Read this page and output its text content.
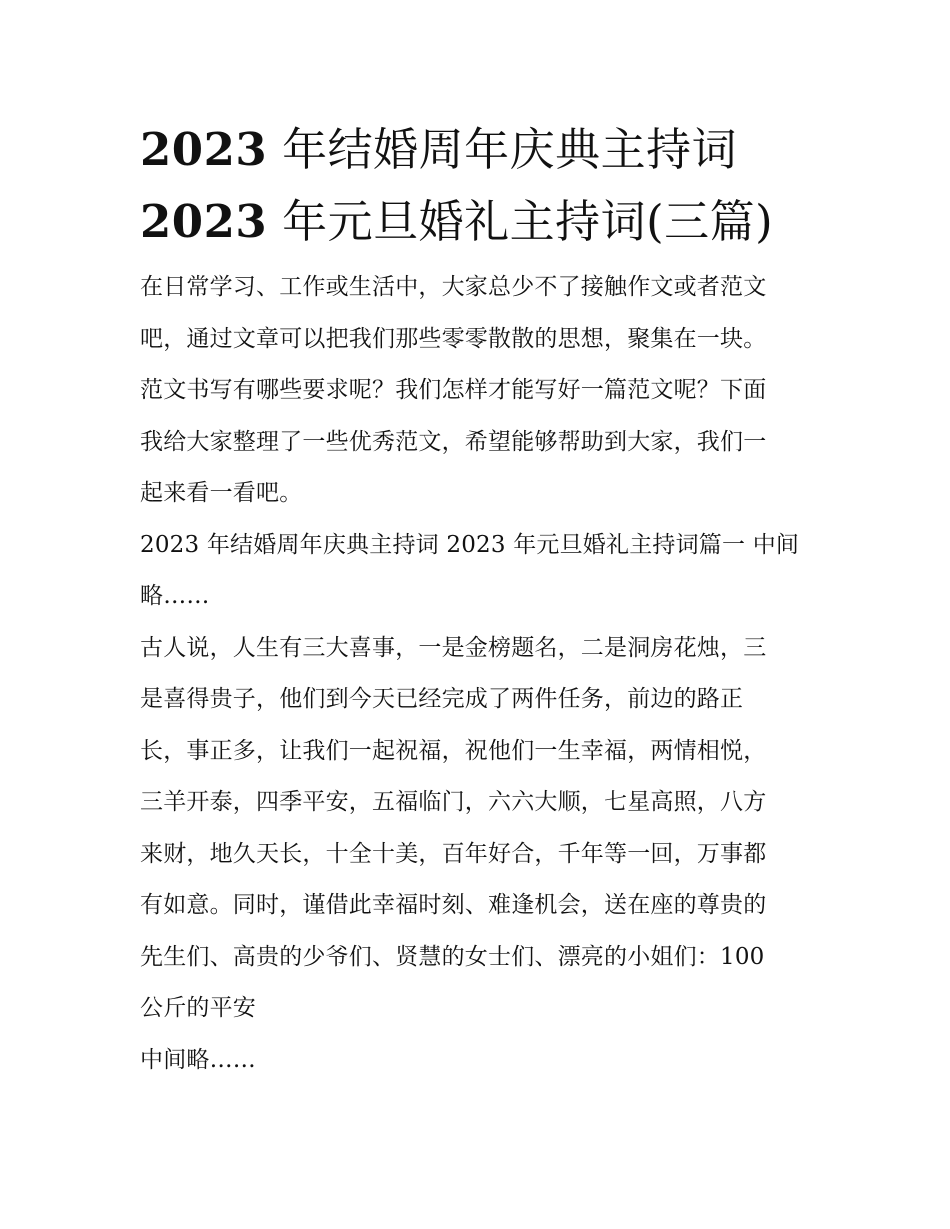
2023 年结婚周年庆典主持词
2023 年元旦婚礼主持词(三篇)

在日常学习、工作或生活中，大家总少不了接触作文或者范文
吧，通过文章可以把我们那些零零散散的思想，聚集在一块。
范文书写有哪些要求呢？我们怎样才能写好一篇范文呢？下面
我给大家整理了一些优秀范文，希望能够帮助到大家，我们一
起来看一看吧。

2023 年结婚周年庆典主持词 2023 年元旦婚礼主持词篇一 中间
略……

古人说，人生有三大喜事，一是金榜题名，二是洞房花烛，三
是喜得贵子，他们到今天已经完成了两件任务，前边的路正
长，事正多，让我们一起祝福，祝他们一生幸福，两情相悦，
三羊开泰，四季平安，五福临门，六六大顺，七星高照，八方
来财，地久天长，十全十美，百年好合，千年等一回，万事都
有如意。同时，谨借此幸福时刻、难逢机会，送在座的尊贵的
先生们、高贵的少爷们、贤慧的女士们、漂亮的小姐们：100
公斤的平安

中间略……
